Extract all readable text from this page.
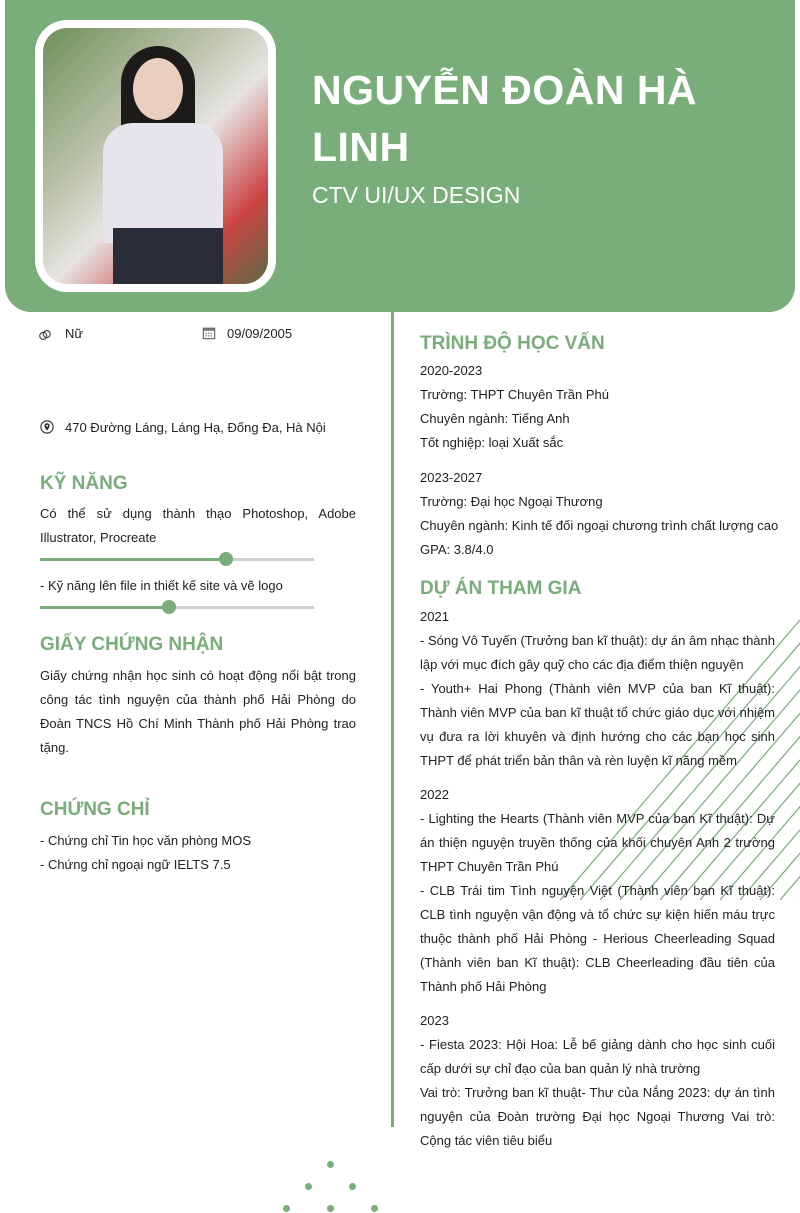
NGUYỄN ĐOÀN HÀ LINH
CTV UI/UX DESIGN
Nữ	09/09/2005
470 Đường Láng, Láng Hạ, Đống Đa, Hà Nội
KỸ NĂNG
Có thể sử dụng thành thạo Photoshop, Adobe Illustrator, Procreate
- Kỹ năng lên file in thiết kế site và vẽ logo
GIẤY CHỨNG NHẬN
Giấy chứng nhận học sinh có hoạt động nổi bật trong công tác tình nguyện của thành phố Hải Phòng do Đoàn TNCS Hồ Chí Minh Thành phố Hải Phòng trao tặng.
CHỨNG CHỈ
- Chứng chỉ Tin học văn phòng MOS
- Chứng chỉ ngoại ngữ IELTS 7.5
TRÌNH ĐỘ HỌC VẤN

2020-2023

Trường: THPT Chuyên Trần Phú

Chuyên ngành: Tiếng Anh

Tốt nghiệp: loại Xuất sắc

2023-2027

Trường: Đại học Ngoại Thương

Chuyên ngành: Kinh tế đối ngoại chương trình chất lượng cao

GPA: 3.8/4.0

DỰ ÁN THAM GIA

2021

- Sóng Vô Tuyến (Trưởng ban kĩ thuật): dự án âm nhạc thành lập với mục đích gây quỹ cho các địa điểm thiện nguyện

- Youth+ Hai Phong (Thành viên MVP của ban Kĩ thuật): Thành viên MVP của ban kĩ thuật tổ chức giáo dục với nhiệm vụ đưa ra lời khuyên và định hướng cho các bạn học sinh THPT để phát triển bản thân và rèn luyện kĩ năng mềm

2022

- Lighting the Hearts (Thành viên MVP của ban Kĩ thuật): Dự án thiện nguyện truyền thống của khối chuyên Anh 2 trường THPT Chuyên Trần Phú

- CLB Trái tim Tình nguyện Việt (Thành viên ban Kĩ thuật): CLB tình nguyện vận động và tổ chức sự kiện hiến máu trực thuộc thành phố Hải Phòng - Herious Cheerleading Squad (Thành viên ban Kĩ thuật): CLB Cheerleading đầu tiên của Thành phố Hải Phòng

2023

- Fiesta 2023: Hội Hoa: Lễ bế giảng dành cho học sinh cuối cấp dưới sự chỉ đạo của ban quản lý nhà trường

Vai trò: Trưởng ban kĩ thuật- Thư của Nắng 2023: dự án tình nguyện của Đoàn trường Đại học Ngoại Thương Vai trò: Cộng tác viên tiêu biểu
